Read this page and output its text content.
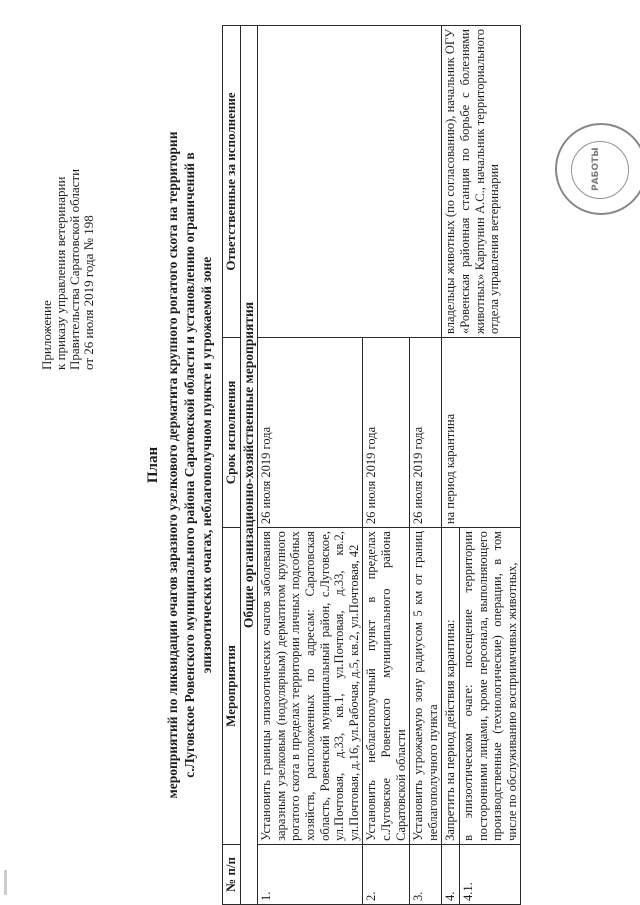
Приложение к приказу управления ветеринарии Правительства Саратовской области от 26 июля 2019 года № 198
План мероприятий по ликвидации очагов заразного узелкового дерматита крупного рогатого скота на территории с.Луговское Ровенского муниципального района Саратовской области и установлению ограничений в эпизоотических очагах, неблагополучном пункте и угрожаемой зоне
№ п/п	Мероприятия	Срок исполнения	Ответственные за исполнение
Общие организационно-хозяйственные мероприятия			
1.	Установить границы эпизоотических очагов заболевания заразным узелковым (нодулярным) дерматитом крупного рогатого скота в пределах территории личных подсобных хозяйств, расположенных по адресам: Саратовская область, Ровенский муниципальный район, с.Луговское, ул.Почтовая, д.33, кв.1, ул.Почтовая, д.33, кв.2, ул.Почтовая, д.16, ул.Рабочая, д.5, кв.2, ул.Почтовая, 42	26 июля 2019 года	
2.	Установить неблагополучный пункт в пределах с.Луговское Ровенского муниципального района Саратовской области	26 июля 2019 года	
3.	Установить угрожаемую зону радиусом 5 км от границ неблагополучного пункта	26 июля 2019 года	
4.	Запретить на период действия карантина:	на период карантина	владельцы животных (по согласованию), начальник ОГУ «Ровенская районная станция по борьбе с болезнями животных» Карпунин А.С., начальник территориального отдела управления ветеринарии
4.1.	в эпизоотическом очаге: посещение территории посторонними лицами, кроме персонала, выполняющего производственные (технологические) операции, в том числе по обслуживанию восприимчивых животных,		
РАБОТЫ
